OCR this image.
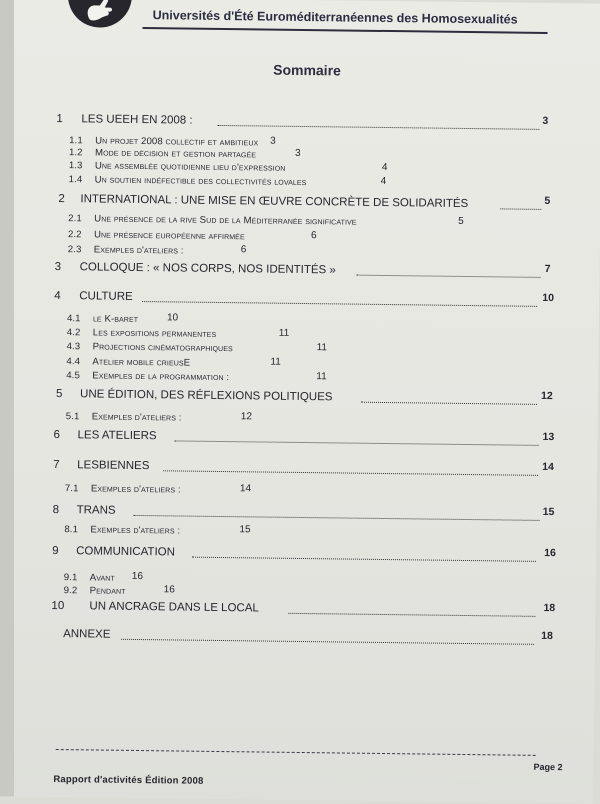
Universités d'Été Euroméditerranéennes des Homosexualités
Sommaire
1 LES UEEH EN 2008 :	3
1.1 Un projet 2008 collectif et ambitieux 3
1.2 Mode de décision et gestion partagée	3
1.3 Une assemblée quotidienne lieu d'expression	4
1.4 Un soutien indéfectible des collectivités lovales	4
2 INTERNATIONAL : UNE MISE EN ŒUVRE CONCRÈTE DE SOLIDARITÉS	5
2.1 Une présence de la rive Sud de la Méditerranée significative	5
2.2 Une présence européenne affirmée	6
2.3 Exemples d'ateliers :	6
3 COLLOQUE : « NOS CORPS, NOS IDENTITÉS »	7
4 CULTURE	10
4.1 le K-baret	10
4.2 Les expositions permanentes	11
4.3 Projections cinématographiques	11
4.4 Atelier mobile crieusE	11
4.5 Exemples de la programmation :	11
5 UNE ÉDITION, DES RÉFLEXIONS POLITIQUES	12
5.1 Exemples d'ateliers :	12
6 LES ATELIERS	13
7 LESBIENNES	14
7.1 Exemples d'ateliers :	14
8 TRANS	15
8.1 Exemples d'ateliers :	15
9 COMMUNICATION	16
9.1 Avant 16
9.2 Pendant	16
10 UN ANCRAGE DANS LE LOCAL	18
ANNEXE	18
Page 2
Rapport d'activités Édition 2008
